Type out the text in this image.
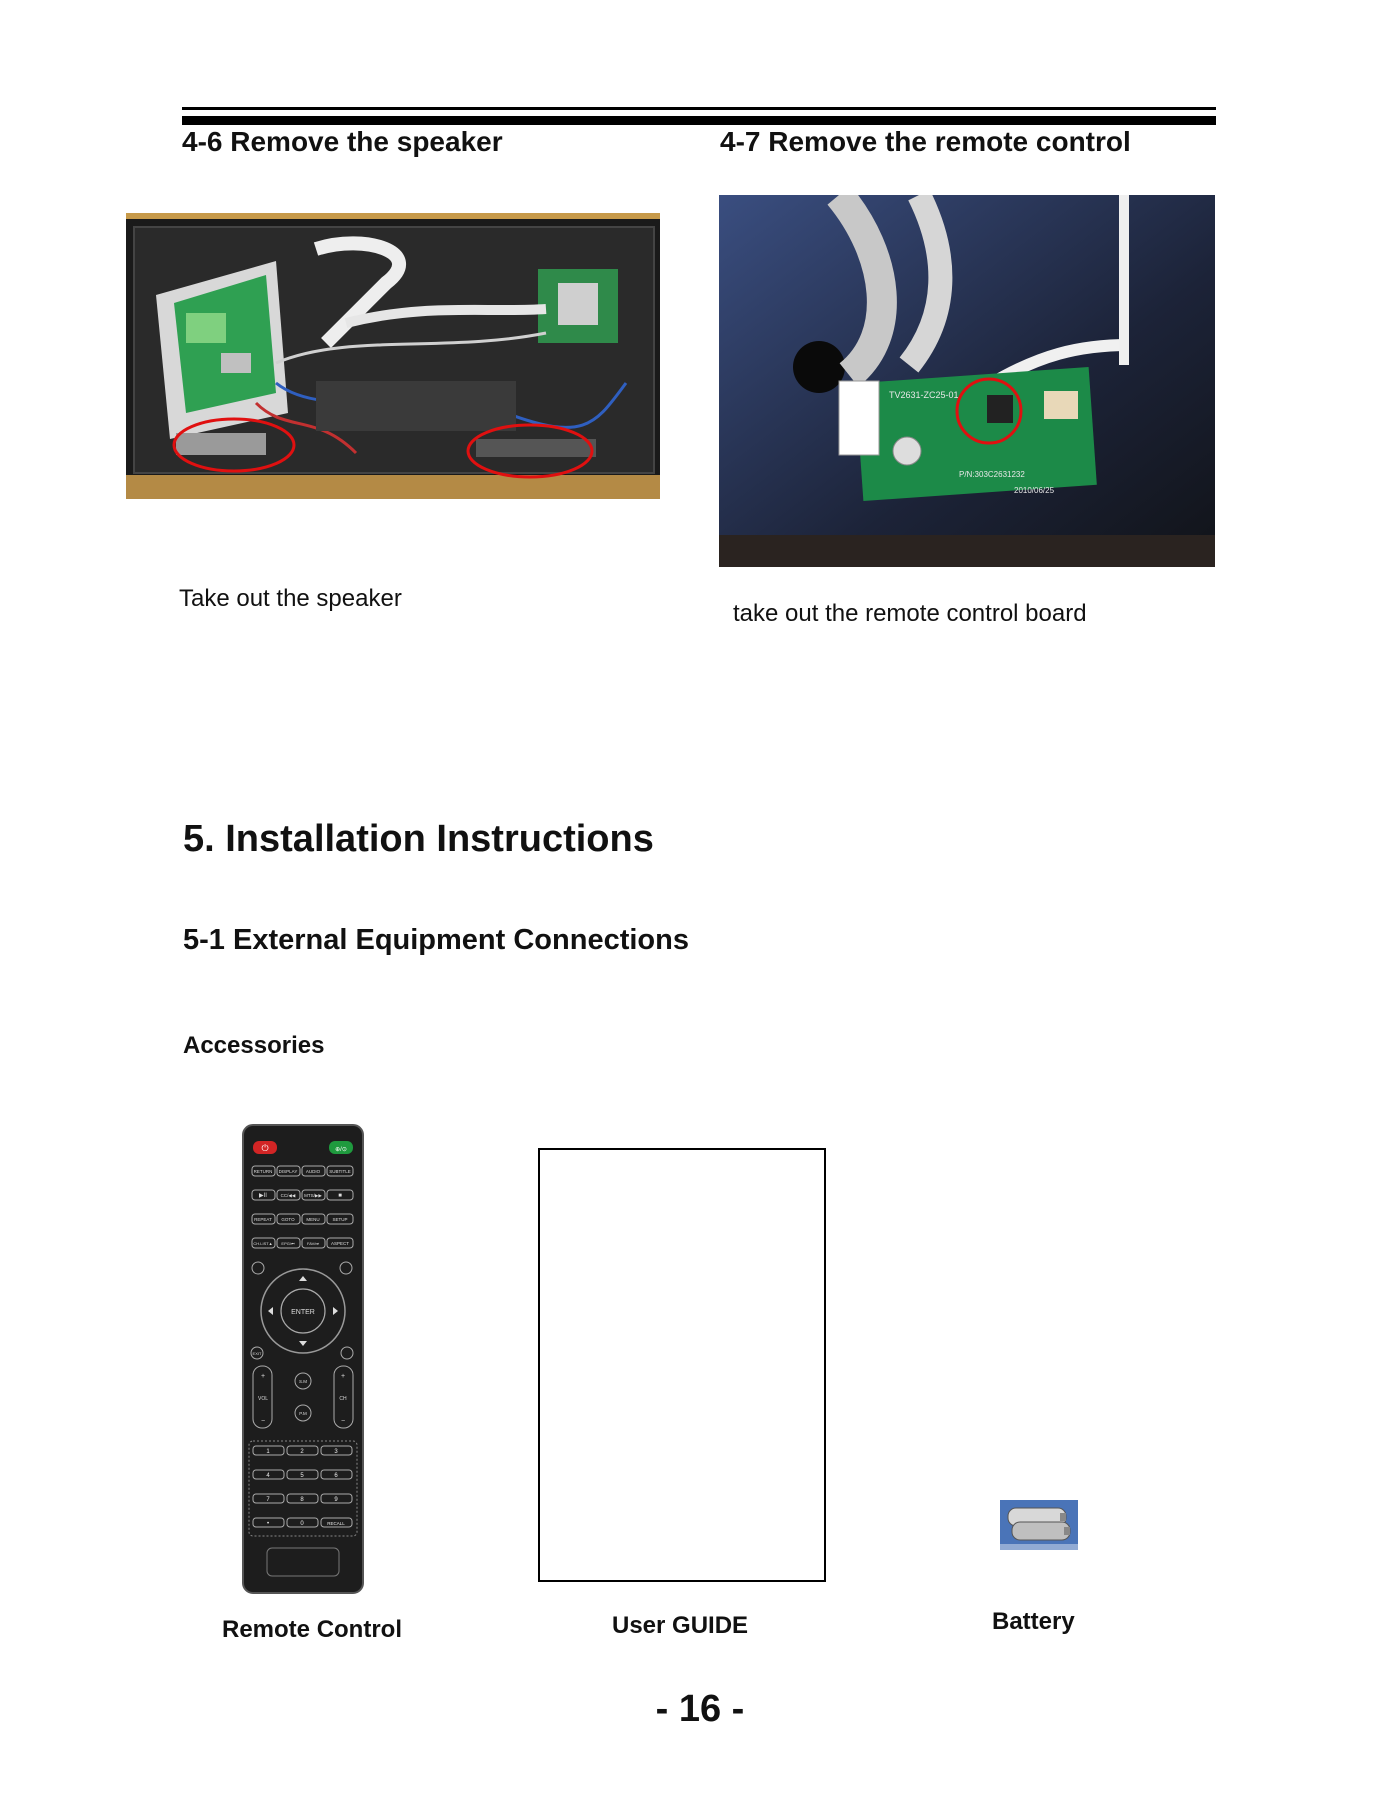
4-6 Remove the speaker
Take out the speaker
4-7 Remove the remote control
TV2631-ZC25-01
P/N:303C2631232
2010/06/25
take out the remote control board
5. Installation Instructions
5-1 External Equipment Connections
Accessories
⏻	⊕/⊙
RETURN DISPLAY AUDIO SUBTITLE
▶II	CC/◀◀ MTS/▶▶	■
REPEAT GOTO	MENU	SETUP
CH.LIST▲ EPG/⏮	FAV/⏭	ASPECT
ENTER
EXIT
+
VOL
−
+
CH
−
S.M
P.M
1	2	3
4	5	6
7	8	9
•	0	RECALL
Remote Control	User GUIDE	Battery
- 16 -
